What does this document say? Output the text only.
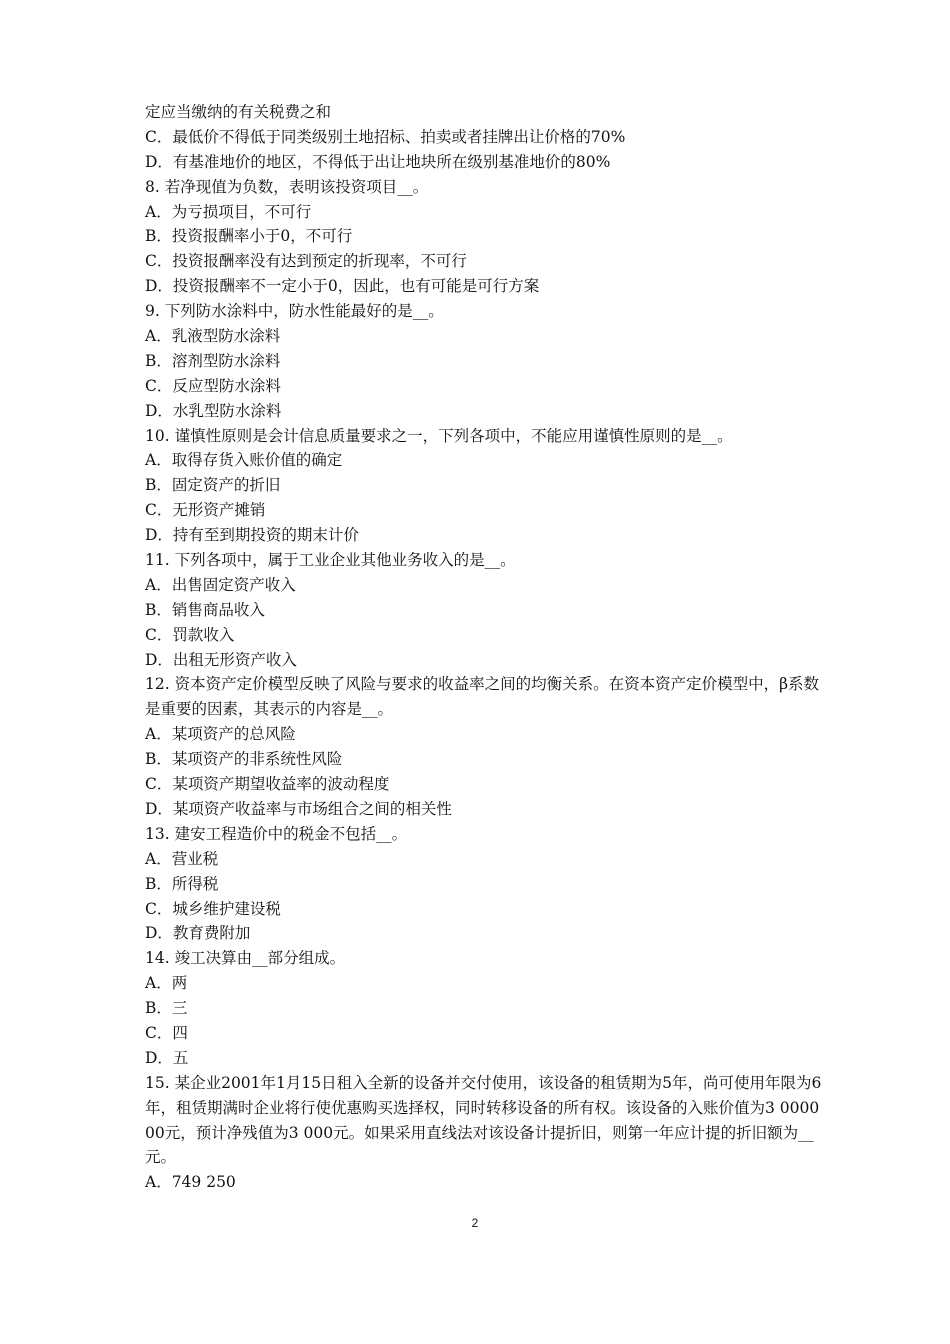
定应当缴纳的有关税费之和
C．最低价不得低于同类级别土地招标、拍卖或者挂牌出让价格的70%
D．有基准地价的地区，不得低于出让地块所在级别基准地价的80%
8. 若净现值为负数，表明该投资项目__。
A．为亏损项目，不可行
B．投资报酬率小于0，不可行
C．投资报酬率没有达到预定的折现率，不可行
D．投资报酬率不一定小于0，因此，也有可能是可行方案
9. 下列防水涂料中，防水性能最好的是__。
A．乳液型防水涂料
B．溶剂型防水涂料
C．反应型防水涂料
D．水乳型防水涂料
10. 谨慎性原则是会计信息质量要求之一，下列各项中，不能应用谨慎性原则的是__。
A．取得存货入账价值的确定
B．固定资产的折旧
C．无形资产摊销
D．持有至到期投资的期末计价
11. 下列各项中，属于工业企业其他业务收入的是__。
A．出售固定资产收入
B．销售商品收入
C．罚款收入
D．出租无形资产收入
12. 资本资产定价模型反映了风险与要求的收益率之间的均衡关系。在资本资产定价模型中，β系数是重要的因素，其表示的内容是__。
A．某项资产的总风险
B．某项资产的非系统性风险
C．某项资产期望收益率的波动程度
D．某项资产收益率与市场组合之间的相关性
13. 建安工程造价中的税金不包括__。
A．营业税
B．所得税
C．城乡维护建设税
D．教育费附加
14. 竣工决算由__部分组成。
A．两
B．三
C．四
D．五
15. 某企业2001年1月15日租入全新的设备并交付使用，该设备的租赁期为5年，尚可使用年限为6年，租赁期满时企业将行使优惠购买选择权，同时转移设备的所有权。该设备的入账价值为3 000000元，预计净残值为3 000元。如果采用直线法对该设备计提折旧，则第一年应计提的折旧额为__元。
A．749 250
2
